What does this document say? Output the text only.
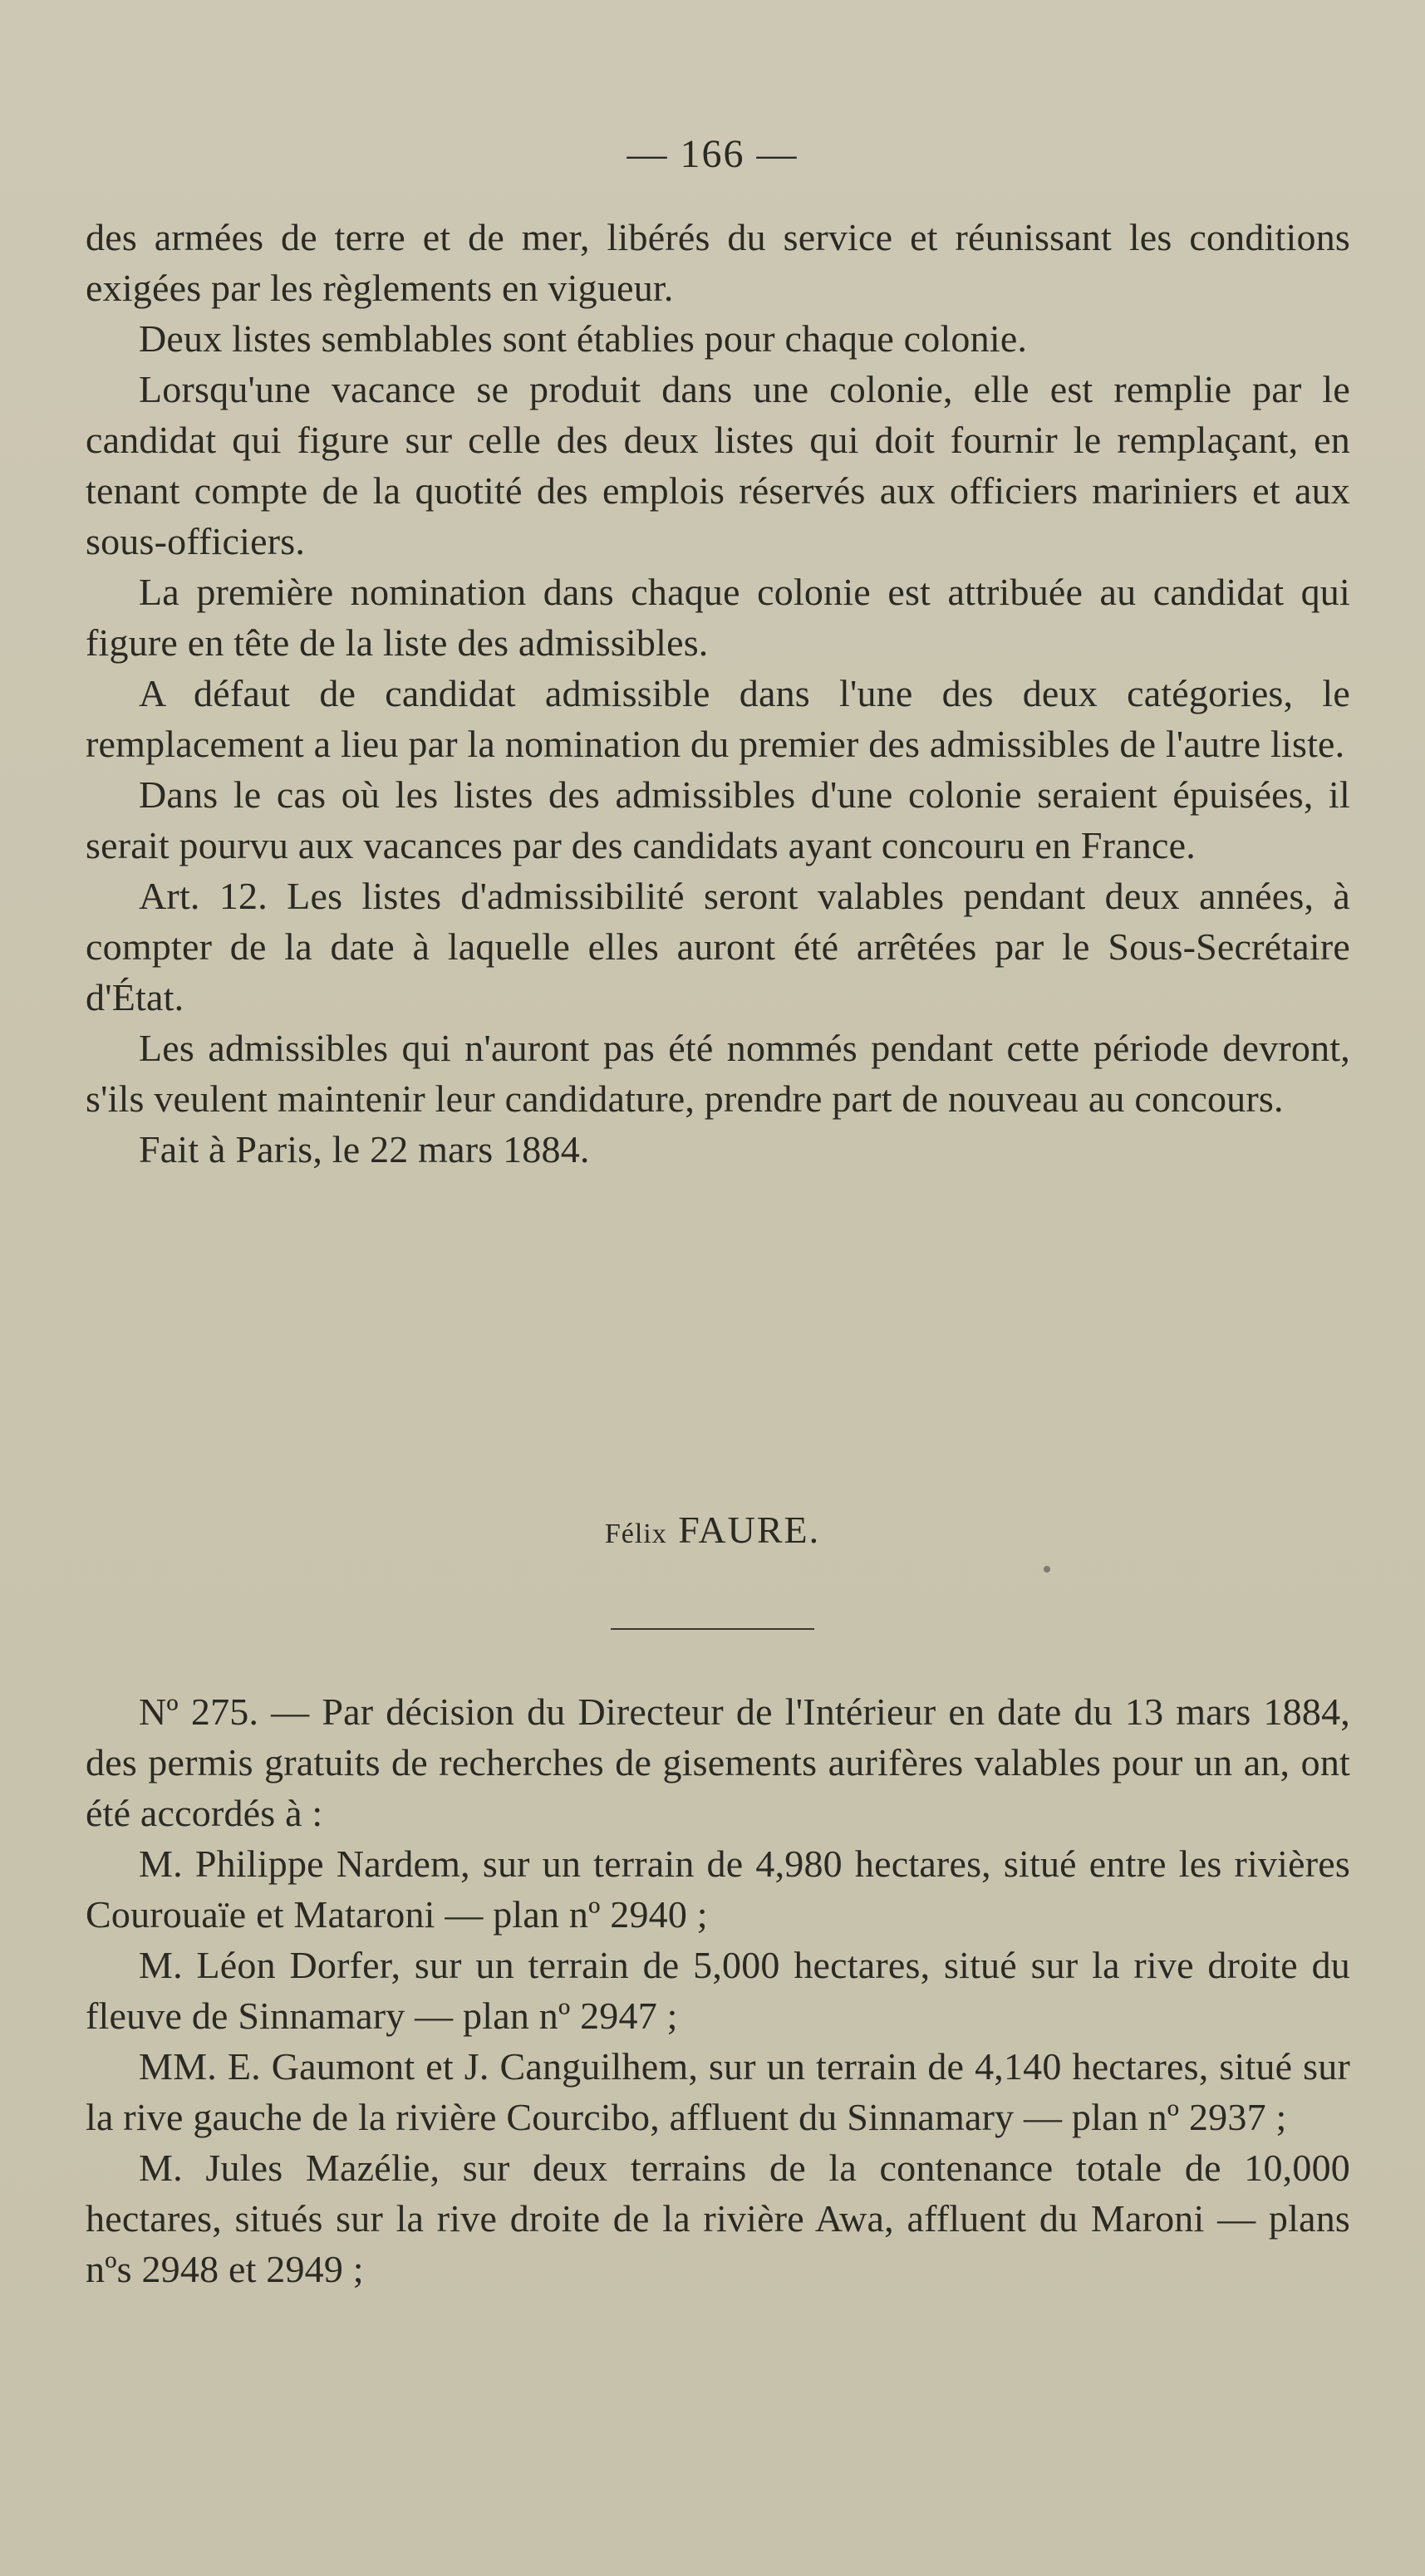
— 166 —

des armées de terre et de mer, libérés du service et réunissant les conditions exigées par les règlements en vigueur.

Deux listes semblables sont établies pour chaque colonie.

Lorsqu'une vacance se produit dans une colonie, elle est remplie par le candidat qui figure sur celle des deux listes qui doit fournir le remplaçant, en tenant compte de la quotité des emplois réservés aux officiers mariniers et aux sous-officiers.

La première nomination dans chaque colonie est attribuée au candidat qui figure en tête de la liste des admissibles.

A défaut de candidat admissible dans l'une des deux catégories, le remplacement a lieu par la nomination du premier des admissibles de l'autre liste.

Dans le cas où les listes des admissibles d'une colonie seraient épuisées, il serait pourvu aux vacances par des candidats ayant concouru en France.

Art. 12. Les listes d'admissibilité seront valables pendant deux années, à compter de la date à laquelle elles auront été arrêtées par le Sous-Secrétaire d'État.

Les admissibles qui n'auront pas été nommés pendant cette période devront, s'ils veulent maintenir leur candidature, prendre part de nouveau au concours.

Fait à Paris, le 22 mars 1884.

Félix FAURE.

Nº 275. — Par décision du Directeur de l'Intérieur en date du 13 mars 1884, des permis gratuits de recherches de gisements aurifères valables pour un an, ont été accordés à :

M. Philippe Nardem, sur un terrain de 4,980 hectares, situé entre les rivières Courouaïe et Mataroni — plan nº 2940 ;

M. Léon Dorfer, sur un terrain de 5,000 hectares, situé sur la rive droite du fleuve de Sinnamary — plan nº 2947 ;

MM. E. Gaumont et J. Canguilhem, sur un terrain de 4,140 hectares, situé sur la rive gauche de la rivière Courcibo, affluent du Sinnamary — plan nº 2937 ;

M. Jules Mazélie, sur deux terrains de la contenance totale de 10,000 hectares, situés sur la rive droite de la rivière Awa, affluent du Maroni — plans nºs 2948 et 2949 ;
